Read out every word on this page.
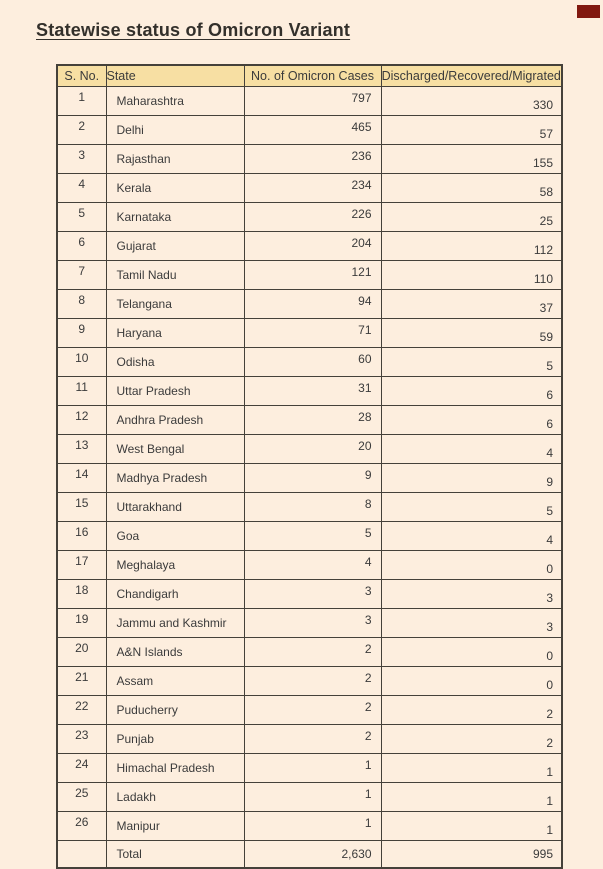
Statewise status of Omicron Variant
S. No.	State	No. of Omicron Cases	Discharged/Recovered/Migrated
1	Maharashtra	797	330
2	Delhi	465	57
3	Rajasthan	236	155
4	Kerala	234	58
5	Karnataka	226	25
6	Gujarat	204	112
7	Tamil Nadu	121	110
8	Telangana	94	37
9	Haryana	71	59
10	Odisha	60	5
11	Uttar Pradesh	31	6
12	Andhra Pradesh	28	6
13	West Bengal	20	4
14	Madhya Pradesh	9	9
15	Uttarakhand	8	5
16	Goa	5	4
17	Meghalaya	4	0
18	Chandigarh	3	3
19	Jammu and Kashmir	3	3
20	A&N Islands	2	0
21	Assam	2	0
22	Puducherry	2	2
23	Punjab	2	2
24	Himachal Pradesh	1	1
25	Ladakh	1	1
26	Manipur	1	1
	Total	2,630	995
